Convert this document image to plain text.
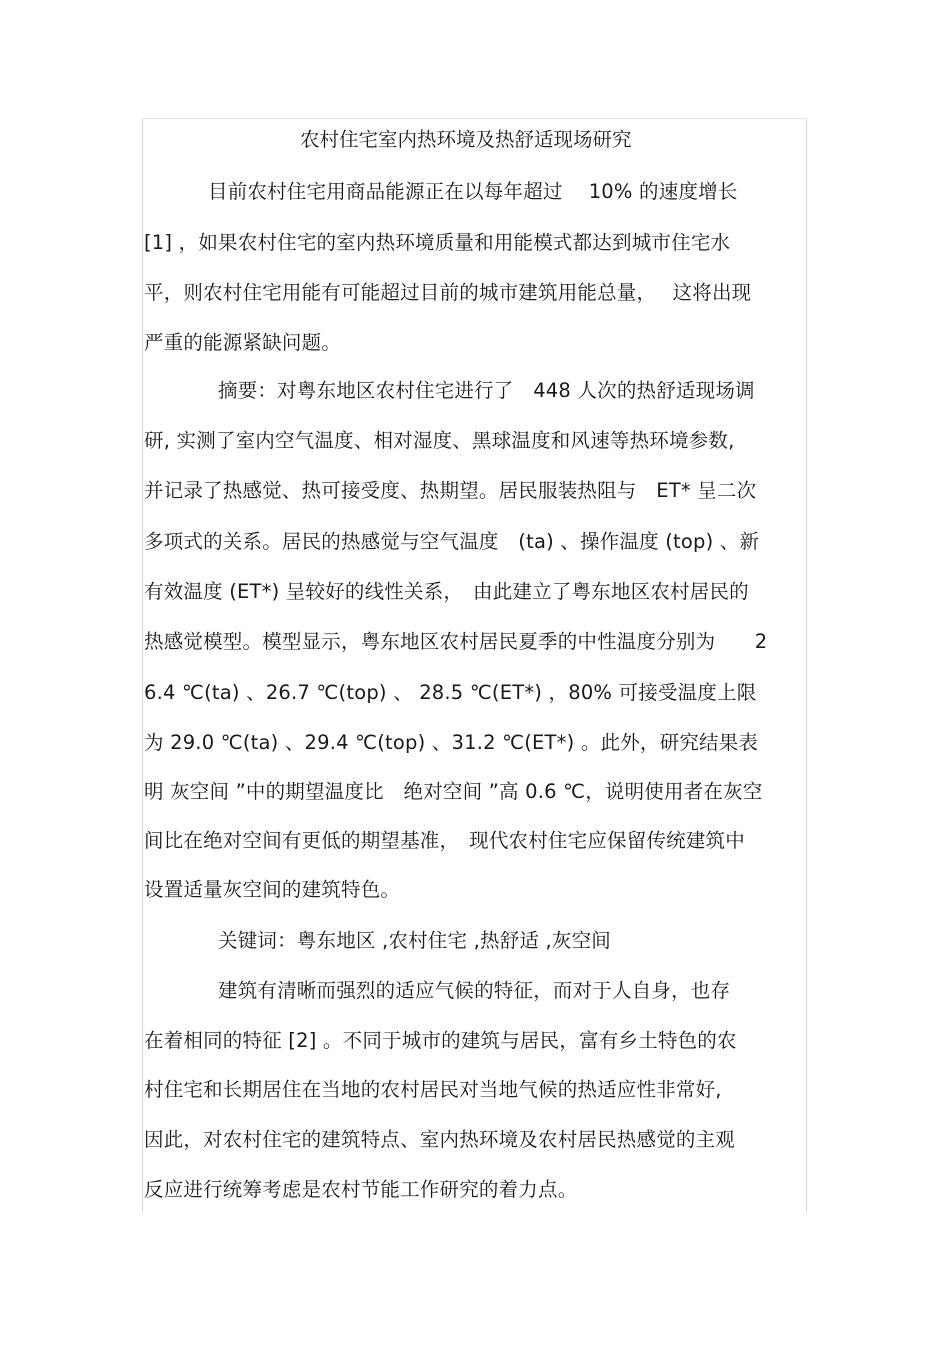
农村住宅室内热环境及热舒适现场研究
目前农村住宅用商品能源正在以每年超过　 10% 的速度增长
[1] ，如果农村住宅的室内热环境质量和用能模式都达到城市住宅水
平，则农村住宅用能有可能超过目前的城市建筑用能总量，　 这将出现
严重的能源紧缺问题。
摘要：对粤东地区农村住宅进行了　448 人次的热舒适现场调
研, 实测了室内空气温度、相对湿度、黑球温度和风速等热环境参数,
并记录了热感觉、热可接受度、热期望。居民服装热阻与　ET* 呈二次
多项式的关系。居民的热感觉与空气温度　(ta) 、操作温度 (top) 、新
有效温度 (ET*) 呈较好的线性关系，　由此建立了粤东地区农村居民的
热感觉模型。模型显示，粤东地区农村居民夏季的中性温度分别为　　2
6.4 ℃(ta) 、26.7 ℃(top) 、 28.5 ℃(ET*) ，80% 可接受温度上限
为 29.0 ℃(ta) 、29.4 ℃(top) 、31.2 ℃(ET*) 。此外，研究结果表
明 灰空间 ”中的期望温度比　绝对空间 ”高 0.6 ℃，说明使用者在灰空
间比在绝对空间有更低的期望基准，　现代农村住宅应保留传统建筑中
设置适量灰空间的建筑特色。
关键词：粤东地区 ,农村住宅 ,热舒适 ,灰空间
建筑有清晰而强烈的适应气候的特征，而对于人自身，也存
在着相同的特征 [2] 。不同于城市的建筑与居民，富有乡土特色的农
村住宅和长期居住在当地的农村居民对当地气候的热适应性非常好,
因此，对农村住宅的建筑特点、室内热环境及农村居民热感觉的主观
反应进行统筹考虑是农村节能工作研究的着力点。
